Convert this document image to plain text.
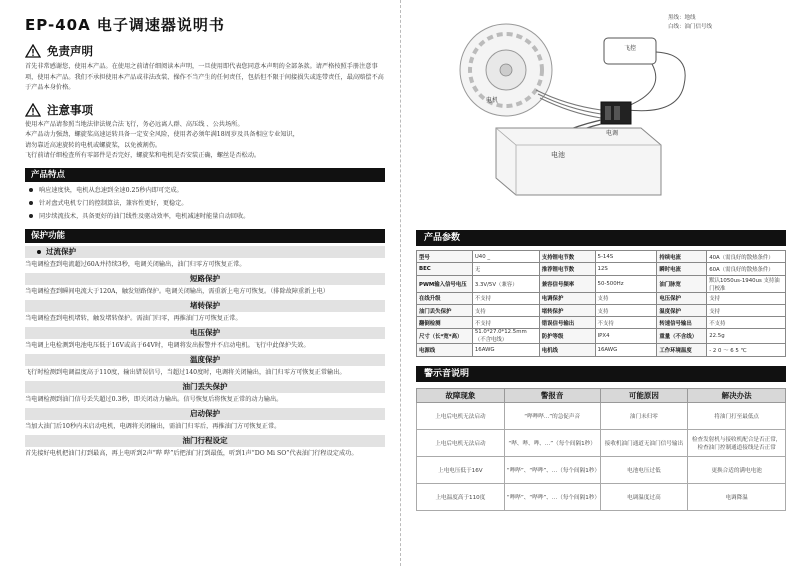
EP-40A 电子调速器说明书
免责声明
首先非常感谢您，使用本产品。在使用之前请仔细阅读本声明，一旦使用即代表您同意本声明的全部条款。请严格按照手册注意事项，使用本产品。我们不承担使用本产品或非法改装、操作不当产生的任何责任，包括但不限于间接损失或连带责任，最高赔偿不高于产品本身价格。
注意事项
使用本产品请参照当地法律法规合法飞行，务必远离人群、高压线 、公共场所。
本产品动力强劲，螺旋桨高速运转具备一定安全风险，使用者必须年满18周岁及具备相应专业知识，
请勿靠近高速旋转的电机或螺旋桨，以免被割伤。
飞行前请仔细检查所有零部件是否完好，螺旋桨和电机是否安装正确，螺丝是否松动。
产品特点
响应速度快，电机从怠速到全速0.25秒内即可完成。
针对盘式电机专门的控制算法，兼容性更好，更稳定。
同步续流技术，具备更好的油门线性及驱动效率，电机减速时能量自动回收。
保护功能
过流保护
当电调检查到电流超过60A并持续3秒，电调关闭输出，油门归零方可恢复正常。
短路保护
当电调检查到瞬间电流大于120A，触发短路保护。电调关闭输出，需重新上电方可恢复。（排除故障重新上电）
堵转保护
当电调检查到电机堵转，触发堵转保护。需油门归零，再推油门方可恢复正常。
电压保护
当电调上电检测到电池电压低于16V或高于64V时，电调将发出报警并不启动电机。飞行中此保护失效。
温度保护
飞行时检测到电调温度高于110度，输出错误信号，当超过140度时，电调将关闭输出，油门归零方可恢复正常输出。
油门丢失保护
当电调检测到油门信号丢失超过0.3秒，即关闭动力输出。信号恢复后将恢复正常的动力输出。
启动保护
当加大油门后10秒内未启动电机，电调将关闭输出，需油门归零后，再推油门方可恢复正常。
油门行程设定
首先接好电机把油门打到最高，再上电听到2声“哔 哔”后把油门打到最低，听到1声“DO Mi SO”代表油门行程设定成功。
黑线：地线
白线：油门信号线
飞控
电机
电调
电池
产品参数
型号	U40 _	支持锂电节数	5-14S	持续电流	40A（需良好的散热条件）
BEC	无	推荐锂电节数	12S	瞬时电流	60A（需良好的散热条件）
PWM输入信号电压	3.3V/5V（兼容）	兼容信号频率	50-500Hz	油门脉宽	默认1050us-1940us 支持油门校准
在线升级	不支持	电调保护	支持	电压保护	支持
油门丢失保护	支持	堵转保护	支持	温度保护	支持
翻倒检测	不支持	错误信号输出	不支持	转速信号输出	不支持
尺寸（长*宽*高）	51.0*27.0*12.5mm（不含电线）	防护等级	IPX4	重量（不含线）	22.5g
电源线	16AWG	电机线	16AWG	工作环境温度	- 2 0 ～ 6 5 ℃
警示音说明
故障现象	警报音	可能原因	解决办法
上电后电机无法启动	“哔哔哔...”的急促声音	油门未归零	将油门打至最低点
上电后电机无法启动	“哔、哔、哔、...”（每个间隔1秒）	接收机油门通道无油门信号输出	检查发射机与接收机配合是否正常，检查油门控制通道接线是否正常
上电电压低于16V	“哔哔”、“哔哔”、...（每个间隔1秒）	电池电压过低	更换合适的满电电池
上电温度高于110度	“哔哔”、“哔哔”、...（每个间隔1秒）	电调温度过高	电调降温
